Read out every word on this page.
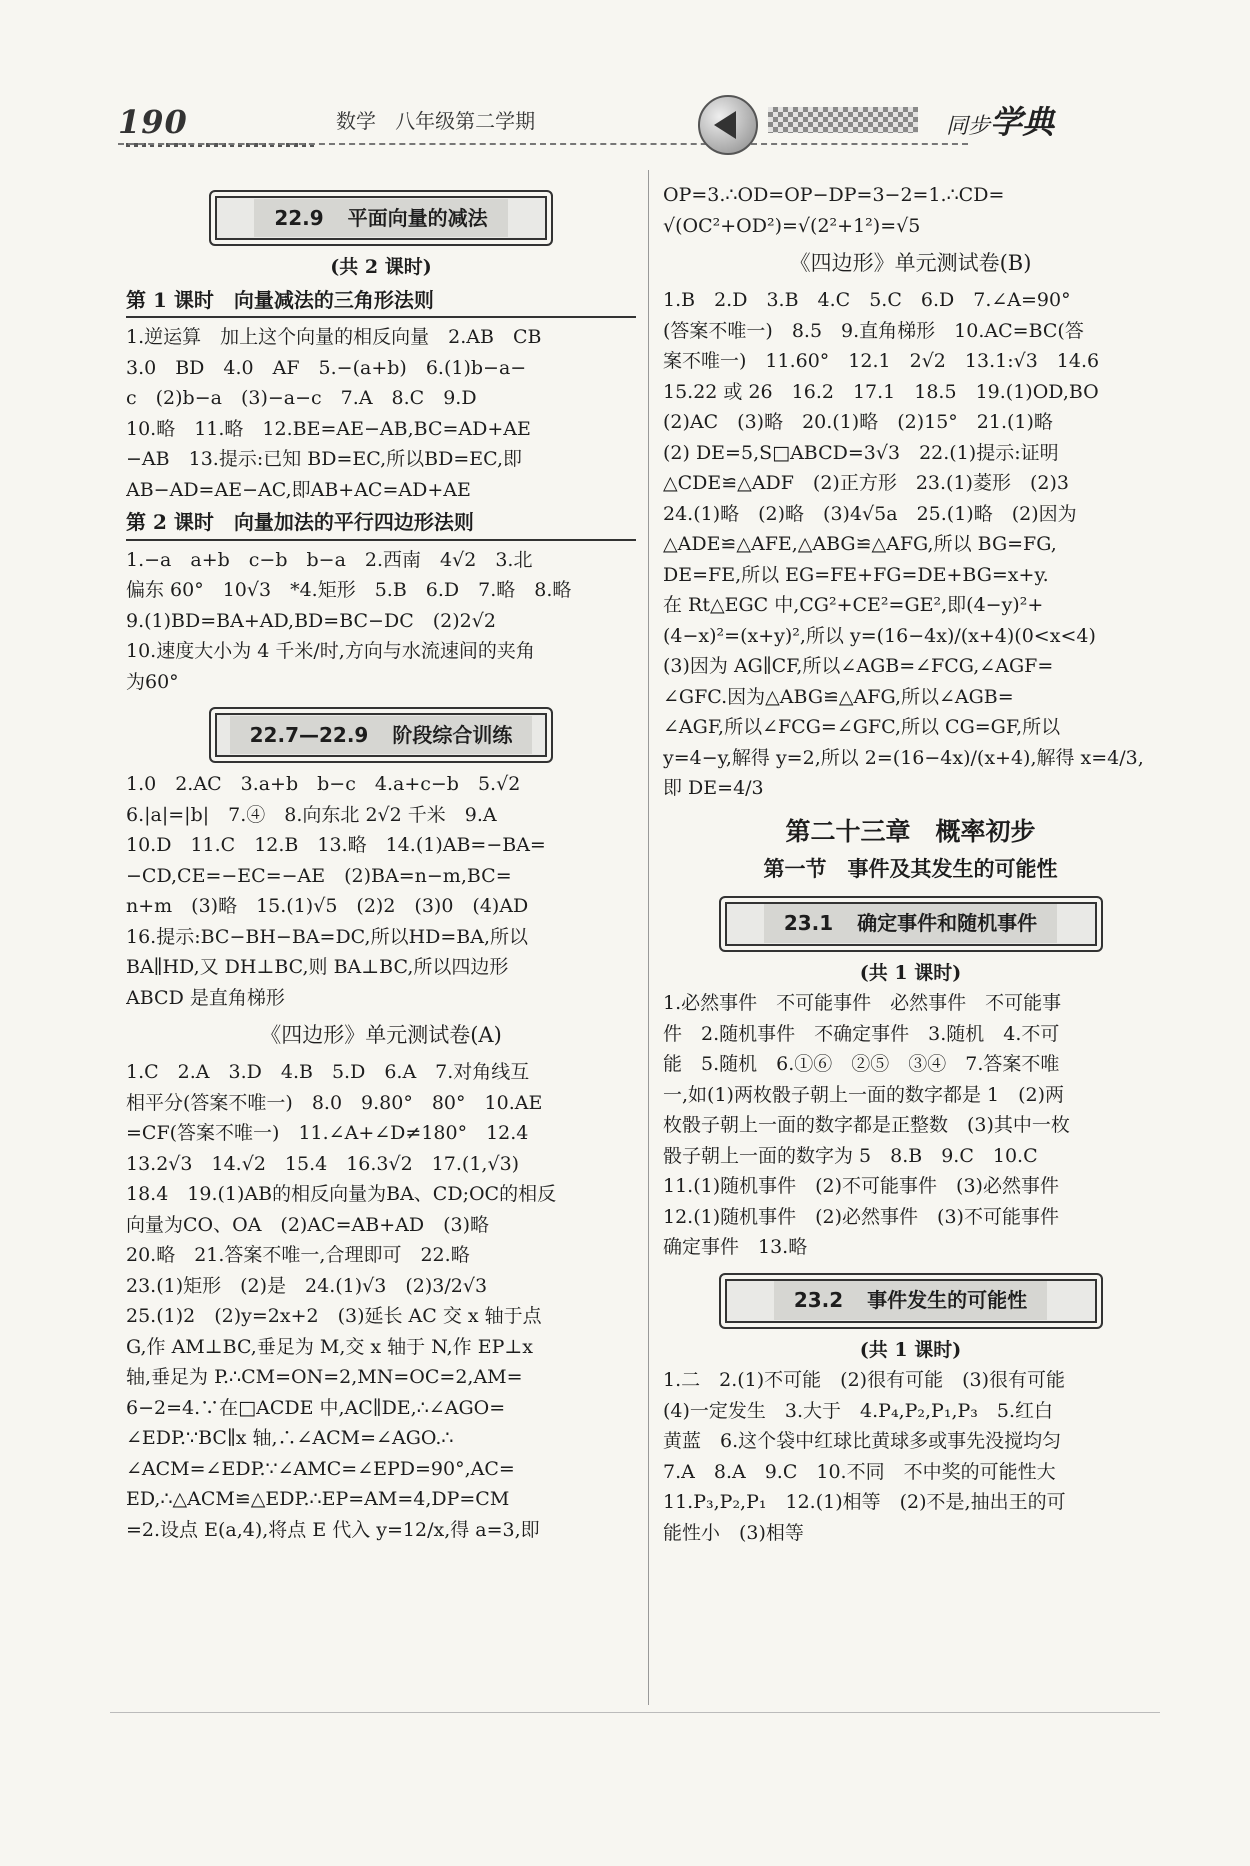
190	数学 八年级第二学期	同步学典
22.9 平面向量的减法
(共 2 课时)
第 1 课时　向量减法的三角形法则
1.逆运算　加上这个向量的相反向量　2.AB　CB
3.0　BD　4.0　AF　5.−(a+b)　6.(1)b−a−
c　(2)b−a　(3)−a−c　7.A　8.C　9.D
10.略　11.略　12.BE=AE−AB,BC=AD+AE
−AB　13.提示:已知 BD=EC,所以BD=EC,即
AB−AD=AE−AC,即AB+AC=AD+AE
第 2 课时　向量加法的平行四边形法则
1.−a　a+b　c−b　b−a　2.西南　4√2　3.北
偏东 60°　10√3　*4.矩形　5.B　6.D　7.略　8.略
9.(1)BD=BA+AD,BD=BC−DC　(2)2√2
10.速度大小为 4 千米/时,方向与水流速间的夹角
为60°
22.7—22.9 阶段综合训练
1.0　2.AC　3.a+b　b−c　4.a+c−b　5.√2
6.|a|=|b|　7.④　8.向东北 2√2 千米　9.A
10.D　11.C　12.B　13.略　14.(1)AB=−BA=
−CD,CE=−EC=−AE　(2)BA=n−m,BC=
n+m　(3)略　15.(1)√5　(2)2　(3)0　(4)AD
16.提示:BC−BH−BA=DC,所以HD=BA,所以
BA∥HD,又 DH⊥BC,则 BA⊥BC,所以四边形
ABCD 是直角梯形
《四边形》单元测试卷(A)
1.C　2.A　3.D　4.B　5.D　6.A　7.对角线互
相平分(答案不唯一)　8.0　9.80°　80°　10.AE
=CF(答案不唯一)　11.∠A+∠D≠180°　12.4
13.2√3　14.√2　15.4　16.3√2　17.(1,√3)
18.4　19.(1)AB的相反向量为BA、CD;OC的相反
向量为CO、OA　(2)AC=AB+AD　(3)略
20.略　21.答案不唯一,合理即可　22.略
23.(1)矩形　(2)是　24.(1)√3　(2)3/2√3
25.(1)2　(2)y=2x+2　(3)延长 AC 交 x 轴于点
G,作 AM⊥BC,垂足为 M,交 x 轴于 N,作 EP⊥x
轴,垂足为 P.∴CM=ON=2,MN=OC=2,AM=
6−2=4.∵在□ACDE 中,AC∥DE,∴∠AGO=
∠EDP.∵BC∥x 轴,∴∠ACM=∠AGO.∴
∠ACM=∠EDP.∵∠AMC=∠EPD=90°,AC=
ED,∴△ACM≌△EDP.∴EP=AM=4,DP=CM
=2.设点 E(a,4),将点 E 代入 y=12/x,得 a=3,即
OP=3.∴OD=OP−DP=3−2=1.∴CD=
√(OC²+OD²)=√(2²+1²)=√5
《四边形》单元测试卷(B)
1.B　2.D　3.B　4.C　5.C　6.D　7.∠A=90°
(答案不唯一)　8.5　9.直角梯形　10.AC=BC(答
案不唯一)　11.60°　12.1　2√2　13.1:√3　14.6
15.22 或 26　16.2　17.1　18.5　19.(1)OD,BO
(2)AC　(3)略　20.(1)略　(2)15°　21.(1)略
(2) DE=5,S□ABCD=3√3　22.(1)提示:证明
△CDE≌△ADF　(2)正方形　23.(1)菱形　(2)3
24.(1)略　(2)略　(3)4√5a　25.(1)略　(2)因为
△ADE≌△AFE,△ABG≌△AFG,所以 BG=FG,
DE=FE,所以 EG=FE+FG=DE+BG=x+y.
在 Rt△EGC 中,CG²+CE²=GE²,即(4−y)²+
(4−x)²=(x+y)²,所以 y=(16−4x)/(x+4)(0<x<4)
(3)因为 AG∥CF,所以∠AGB=∠FCG,∠AGF=
∠GFC.因为△ABG≌△AFG,所以∠AGB=
∠AGF,所以∠FCG=∠GFC,所以 CG=GF,所以
y=4−y,解得 y=2,所以 2=(16−4x)/(x+4),解得 x=4/3,
即 DE=4/3
第二十三章　概率初步
第一节　事件及其发生的可能性
23.1 确定事件和随机事件
(共 1 课时)
1.必然事件　不可能事件　必然事件　不可能事
件　2.随机事件　不确定事件　3.随机　4.不可
能　5.随机　6.①⑥　②⑤　③④　7.答案不唯
一,如(1)两枚骰子朝上一面的数字都是 1　(2)两
枚骰子朝上一面的数字都是正整数　(3)其中一枚
骰子朝上一面的数字为 5　8.B　9.C　10.C
11.(1)随机事件　(2)不可能事件　(3)必然事件
12.(1)随机事件　(2)必然事件　(3)不可能事件
确定事件　13.略
23.2 事件发生的可能性
(共 1 课时)
1.二　2.(1)不可能　(2)很有可能　(3)很有可能
(4)一定发生　3.大于　4.P₄,P₂,P₁,P₃　5.红白
黄蓝　6.这个袋中红球比黄球多或事先没搅均匀
7.A　8.A　9.C　10.不同　不中奖的可能性大
11.P₃,P₂,P₁　12.(1)相等　(2)不是,抽出王的可
能性小　(3)相等
